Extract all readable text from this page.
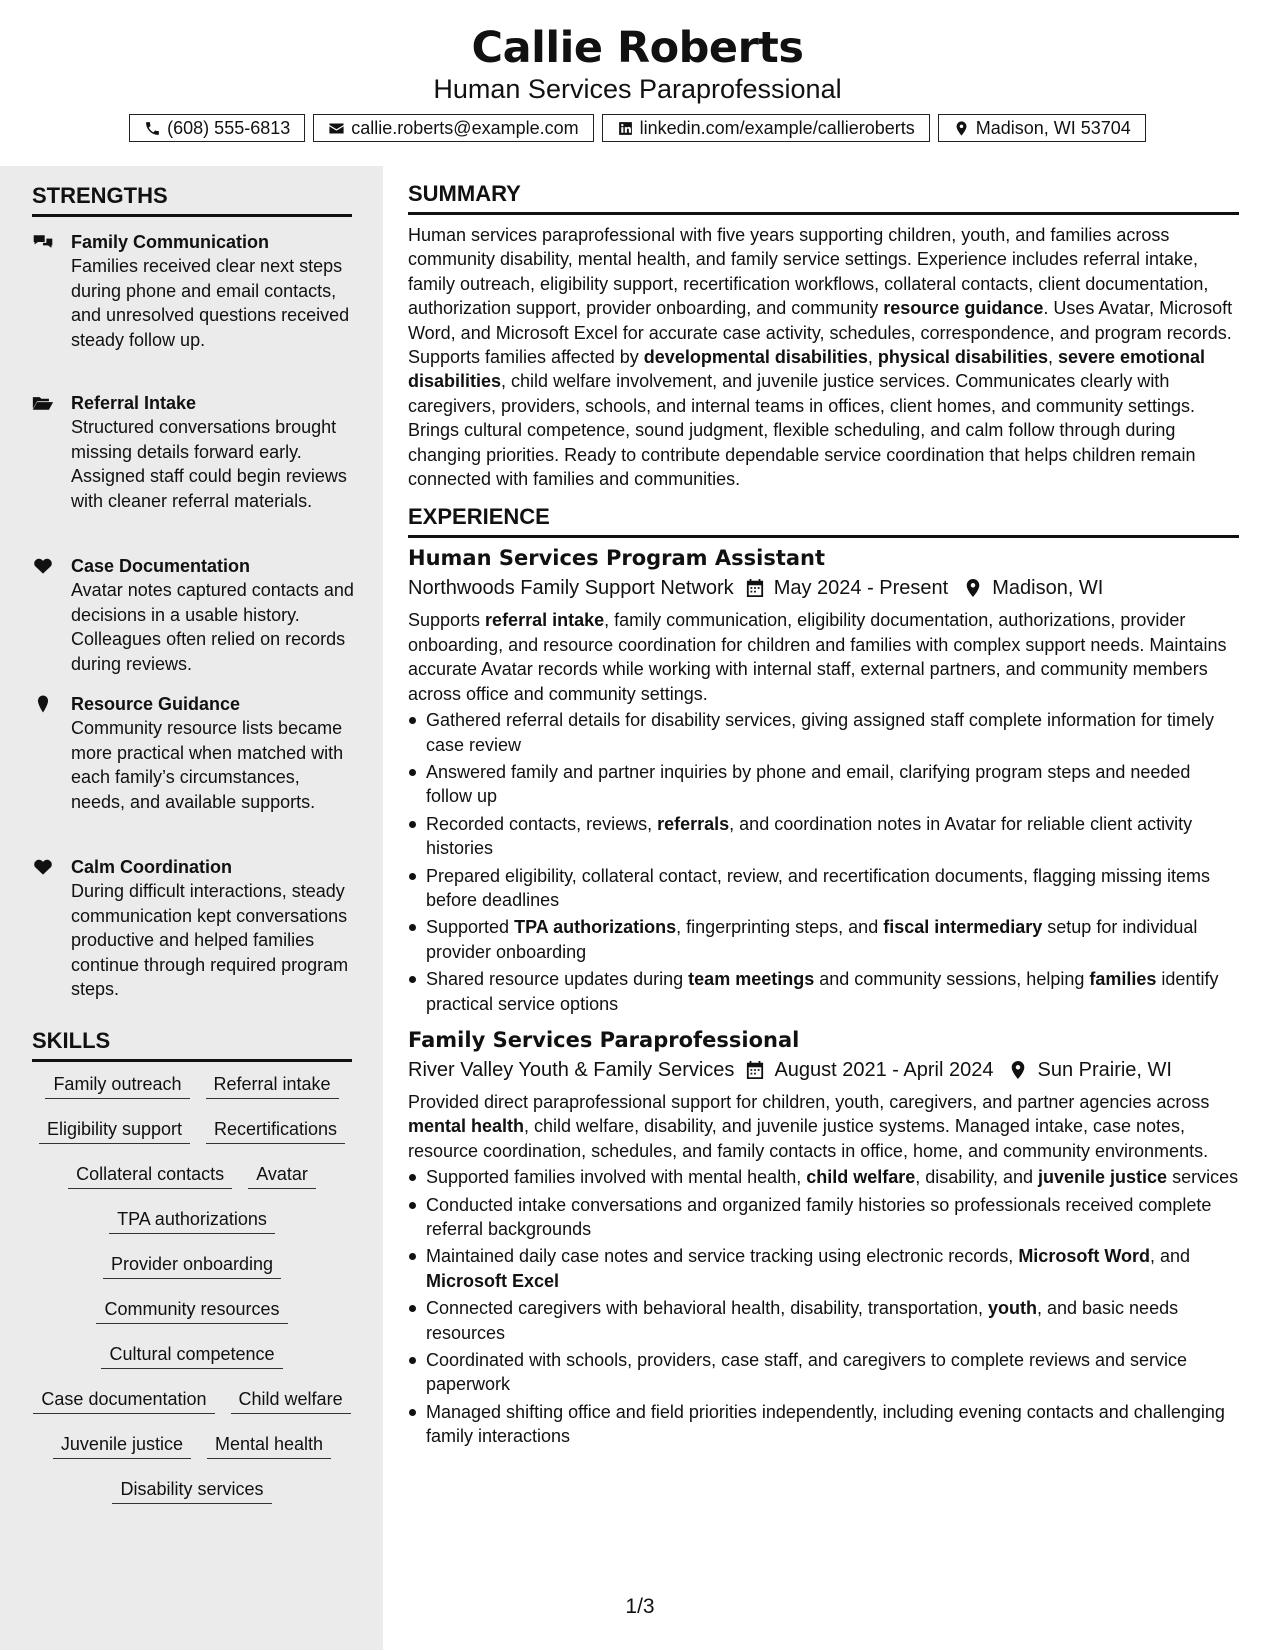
Callie Roberts
Human Services Paraprofessional
(608) 555-6813	callie.roberts@example.com	linkedin.com/example/callieroberts	Madison, WI 53704
STRENGTHS
Family Communication
Families received clear next steps during phone and email contacts, and unresolved questions received steady follow up.
Referral Intake
Structured conversations brought missing details forward early. Assigned staff could begin reviews with cleaner referral materials.
Case Documentation
Avatar notes captured contacts and decisions in a usable history. Colleagues often relied on records during reviews.
Resource Guidance
Community resource lists became more practical when matched with each family’s circumstances, needs, and available supports.
Calm Coordination
During difficult interactions, steady communication kept conversations productive and helped families continue through required program steps.
SKILLS
Family outreach	Referral intake
Eligibility support	Recertifications
Collateral contacts	Avatar
TPA authorizations
Provider onboarding
Community resources
Cultural competence
Case documentation	Child welfare
Juvenile justice	Mental health
Disability services
SUMMARY

Human services paraprofessional with five years supporting children, youth, and families across community disability, mental health, and family service settings. Experience includes referral intake, family outreach, eligibility support, recertification workflows, collateral contacts, client documentation, authorization support, provider onboarding, and community resource guidance. Uses Avatar, Microsoft Word, and Microsoft Excel for accurate case activity, schedules, correspondence, and program records. Supports families affected by developmental disabilities, physical disabilities, severe emotional disabilities, child welfare involvement, and juvenile justice services. Communicates clearly with caregivers, providers, schools, and internal teams in offices, client homes, and community settings. Brings cultural competence, sound judgment, flexible scheduling, and calm follow through during changing priorities. Ready to contribute dependable service coordination that helps children remain connected with families and communities.

EXPERIENCE
Human Services Program Assistant
Northwoods Family Support Network May 2024 - Present Madison, WI

Supports referral intake, family communication, eligibility documentation, authorizations, provider onboarding, and resource coordination for children and families with complex support needs. Maintains accurate Avatar records while working with internal staff, external partners, and community members across office and community settings.

Gathered referral details for disability services, giving assigned staff complete information for timely case review
Answered family and partner inquiries by phone and email, clarifying program steps and needed follow up
Recorded contacts, reviews, referrals, and coordination notes in Avatar for reliable client activity histories
Prepared eligibility, collateral contact, review, and recertification documents, flagging missing items before deadlines
Supported TPA authorizations, fingerprinting steps, and fiscal intermediary setup for individual provider onboarding
Shared resource updates during team meetings and community sessions, helping families identify practical service options
Family Services Paraprofessional
River Valley Youth & Family Services August 2021 - April 2024 Sun Prairie, WI

Provided direct paraprofessional support for children, youth, caregivers, and partner agencies across mental health, child welfare, disability, and juvenile justice systems. Managed intake, case notes, resource coordination, schedules, and family contacts in office, home, and community environments.

Supported families involved with mental health, child welfare, disability, and juvenile justice services
Conducted intake conversations and organized family histories so professionals received complete referral backgrounds
Maintained daily case notes and service tracking using electronic records, Microsoft Word, and Microsoft Excel
Connected caregivers with behavioral health, disability, transportation, youth, and basic needs resources
Coordinated with schools, providers, case staff, and caregivers to complete reviews and service paperwork
Managed shifting office and field priorities independently, including evening contacts and challenging family interactions
1/3
